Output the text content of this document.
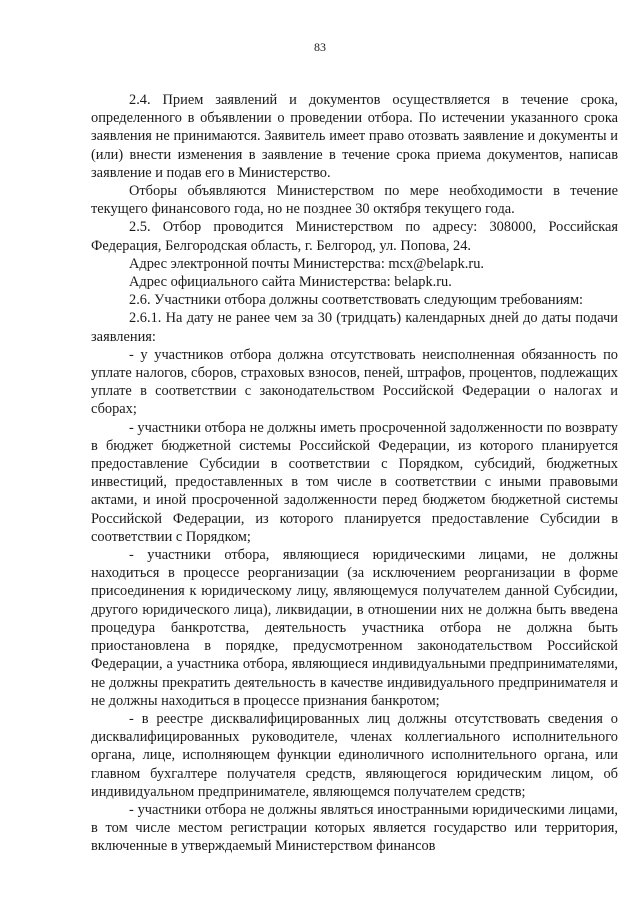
83

2.4. Прием заявлений и документов осуществляется в течение срока, определенного в объявлении о проведении отбора. По истечении указанного срока заявления не принимаются. Заявитель имеет право отозвать заявление и документы и (или) внести изменения в заявление в течение срока приема документов, написав заявление и подав его в Министерство.

Отборы объявляются Министерством по мере необходимости в течение текущего финансового года, но не позднее 30 октября текущего года.

2.5. Отбор проводится Министерством по адресу: 308000, Российская Федерация, Белгородская область, г. Белгород, ул. Попова, 24.

Адрес электронной почты Министерства: mcx@belapk.ru.

Адрес официального сайта Министерства: belapk.ru.

2.6. Участники отбора должны соответствовать следующим требованиям:

2.6.1. На дату не ранее чем за 30 (тридцать) календарных дней до даты подачи заявления:

- у участников отбора должна отсутствовать неисполненная обязанность по уплате налогов, сборов, страховых взносов, пеней, штрафов, процентов, подлежащих уплате в соответствии с законодательством Российской Федерации о налогах и сборах;

- участники отбора не должны иметь просроченной задолженности по возврату в бюджет бюджетной системы Российской Федерации, из которого планируется предоставление Субсидии в соответствии с Порядком, субсидий, бюджетных инвестиций, предоставленных в том числе в соответствии с иными правовыми актами, и иной просроченной задолженности перед бюджетом бюджетной системы Российской Федерации, из которого планируется предоставление Субсидии в соответствии с Порядком;

- участники отбора, являющиеся юридическими лицами, не должны находиться в процессе реорганизации (за исключением реорганизации в форме присоединения к юридическому лицу, являющемуся получателем данной Субсидии, другого юридического лица), ликвидации, в отношении них не должна быть введена процедура банкротства, деятельность участника отбора не должна быть приостановлена в порядке, предусмотренном законодательством Российской Федерации, а участника отбора, являющиеся индивидуальными предпринимателями, не должны прекратить деятельность в качестве индивидуального предпринимателя и не должны находиться в процессе признания банкротом;

- в реестре дисквалифицированных лиц должны отсутствовать сведения о дисквалифицированных руководителе, членах коллегиального исполнительного органа, лице, исполняющем функции единоличного исполнительного органа, или главном бухгалтере получателя средств, являющегося юридическим лицом, об индивидуальном предпринимателе, являющемся получателем средств;

- участники отбора не должны являться иностранными юридическими лицами, в том числе местом регистрации которых является государство или территория, включенные в утверждаемый Министерством финансов
